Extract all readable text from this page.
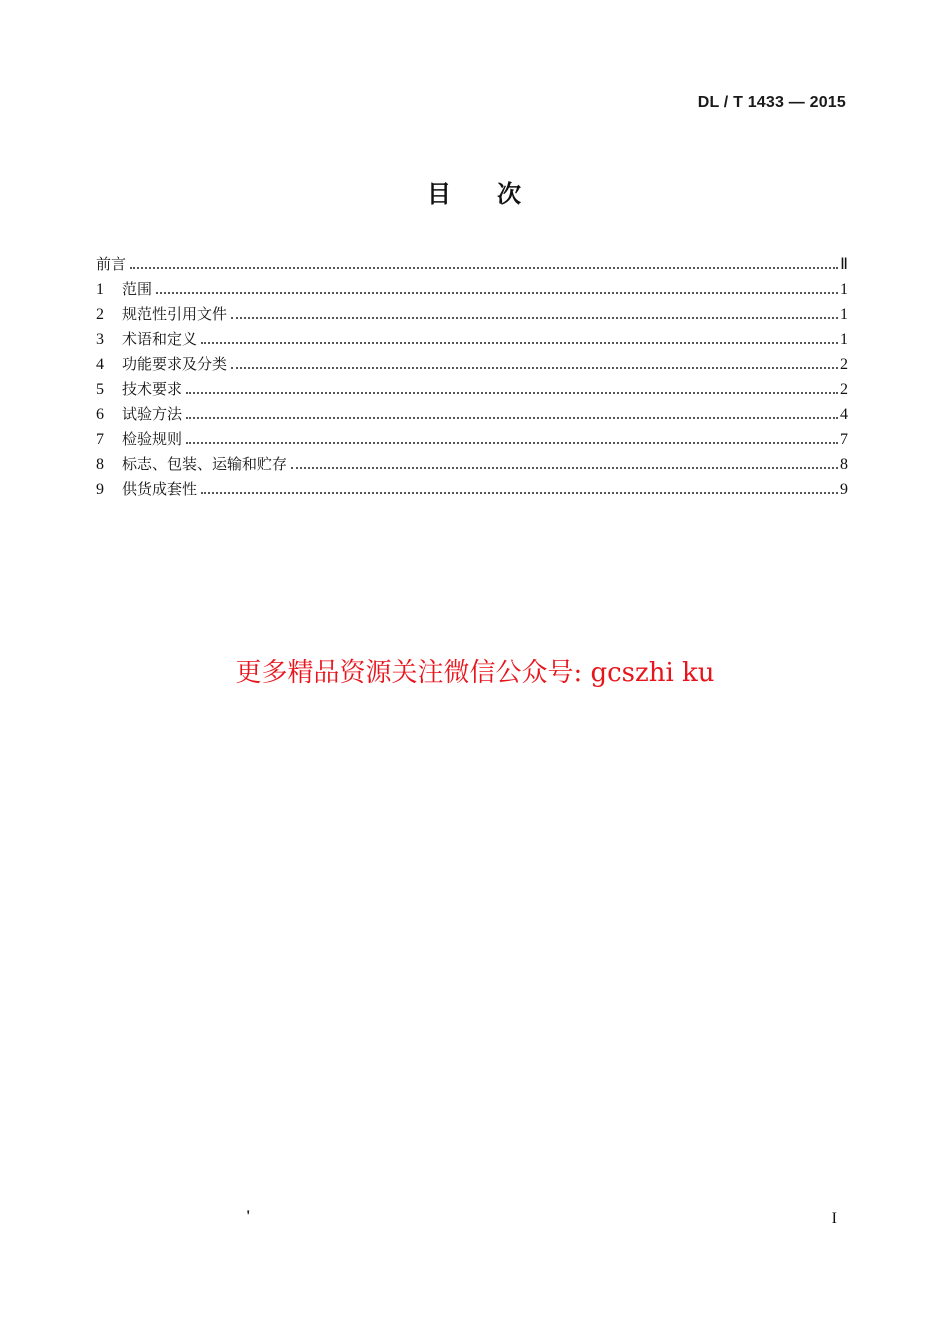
DL / T 1433 — 2015
目 次
前言	Ⅱ
1	范围	1
2	规范性引用文件	1
3	术语和定义	1
4	功能要求及分类	2
5	技术要求	2
6	试验方法	4
7	检验规则	7
8	标志、包装、运输和贮存	8
9	供货成套性	9
更多精品资源关注微信公众号: gcszhi ku
'	I
